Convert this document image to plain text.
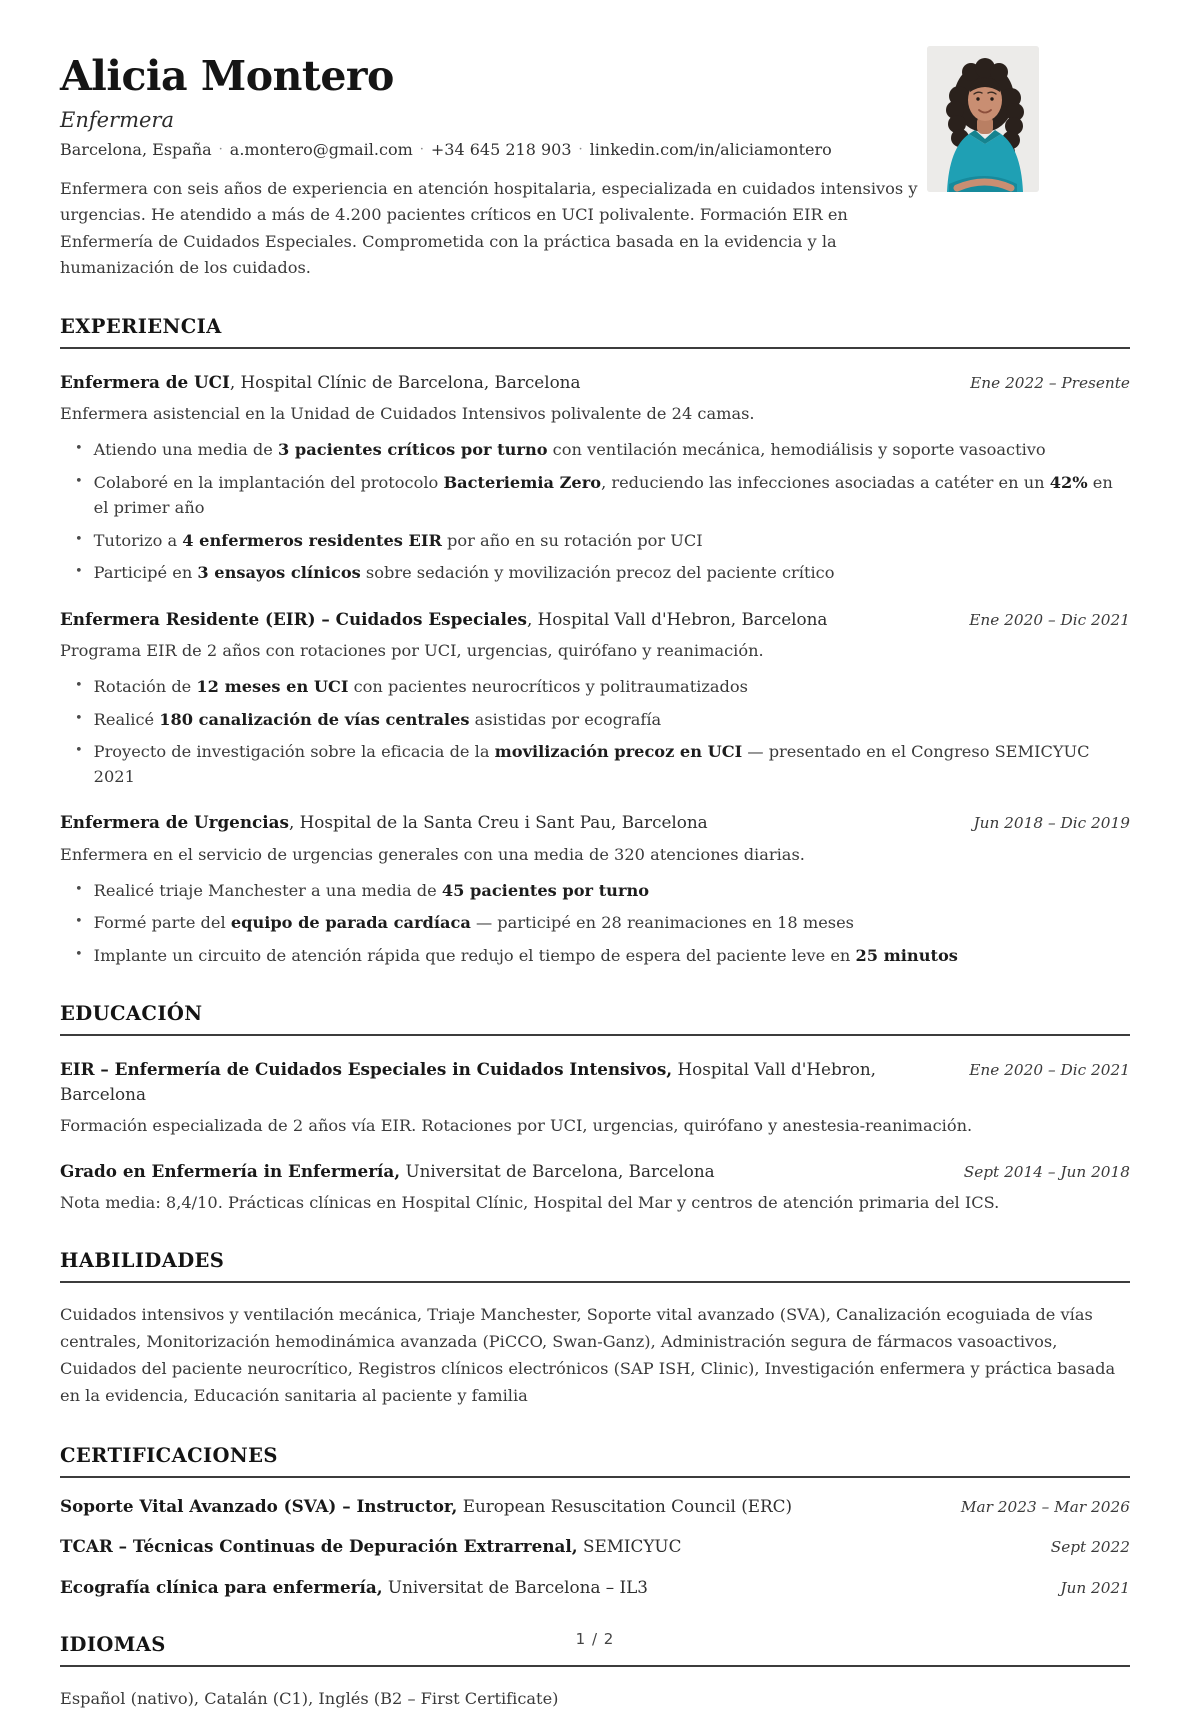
Alicia Montero
Enfermera
Barcelona, España · a.montero@gmail.com · +34 645 218 903 · linkedin.com/in/aliciamontero

Enfermera con seis años de experiencia en atención hospitalaria, especializada en cuidados intensivos y urgencias. He atendido a más de 4.200 pacientes críticos en UCI polivalente. Formación EIR en Enfermería de Cuidados Especiales. Comprometida con la práctica basada en la evidencia y la humanización de los cuidados.

EXPERIENCIA
Enfermera de UCI, Hospital Clínic de Barcelona, Barcelona	Ene 2022 – Presente
Enfermera asistencial en la Unidad de Cuidados Intensivos polivalente de 24 camas.
• Atiendo una media de 3 pacientes críticos por turno con ventilación mecánica, hemodiálisis y soporte vasoactivo
• Colaboré en la implantación del protocolo Bacteriemia Zero, reduciendo las infecciones asociadas a catéter en un 42% en el primer año
• Tutorizo a 4 enfermeros residentes EIR por año en su rotación por UCI
• Participé en 3 ensayos clínicos sobre sedación y movilización precoz del paciente crítico
Enfermera Residente (EIR) – Cuidados Especiales, Hospital Vall d'Hebron, Barcelona	Ene 2020 – Dic 2021
Programa EIR de 2 años con rotaciones por UCI, urgencias, quirófano y reanimación.
• Rotación de 12 meses en UCI con pacientes neurocríticos y politraumatizados
• Realicé 180 canalización de vías centrales asistidas por ecografía
• Proyecto de investigación sobre la eficacia de la movilización precoz en UCI — presentado en el Congreso SEMICYUC 2021
Enfermera de Urgencias, Hospital de la Santa Creu i Sant Pau, Barcelona	Jun 2018 – Dic 2019
Enfermera en el servicio de urgencias generales con una media de 320 atenciones diarias.
• Realicé triaje Manchester a una media de 45 pacientes por turno
• Formé parte del equipo de parada cardíaca — participé en 28 reanimaciones en 18 meses
• Implante un circuito de atención rápida que redujo el tiempo de espera del paciente leve en 25 minutos
EDUCACIÓN
EIR – Enfermería de Cuidados Especiales in Cuidados Intensivos, Hospital Vall d'Hebron, Barcelona
Ene 2020 – Dic 2021
Formación especializada de 2 años vía EIR. Rotaciones por UCI, urgencias, quirófano y anestesia-reanimación.
Grado en Enfermería in Enfermería, Universitat de Barcelona, Barcelona	Sept 2014 – Jun 2018
Nota media: 8,4/10. Prácticas clínicas en Hospital Clínic, Hospital del Mar y centros de atención primaria del ICS.
HABILIDADES

Cuidados intensivos y ventilación mecánica, Triaje Manchester, Soporte vital avanzado (SVA), Canalización ecoguiada de vías centrales, Monitorización hemodinámica avanzada (PiCCO, Swan-Ganz), Administración segura de fármacos vasoactivos, Cuidados del paciente neurocrítico, Registros clínicos electrónicos (SAP ISH, Clinic), Investigación enfermera y práctica basada en la evidencia, Educación sanitaria al paciente y familia

CERTIFICACIONES
Soporte Vital Avanzado (SVA) – Instructor, European Resuscitation Council (ERC)	Mar 2023 – Mar 2026
TCAR – Técnicas Continuas de Depuración Extrarrenal, SEMICYUC	Sept 2022
Ecografía clínica para enfermería, Universitat de Barcelona – IL3	Jun 2021
IDIOMAS

Español (nativo), Catalán (C1), Inglés (B2 – First Certificate)

1 / 2
